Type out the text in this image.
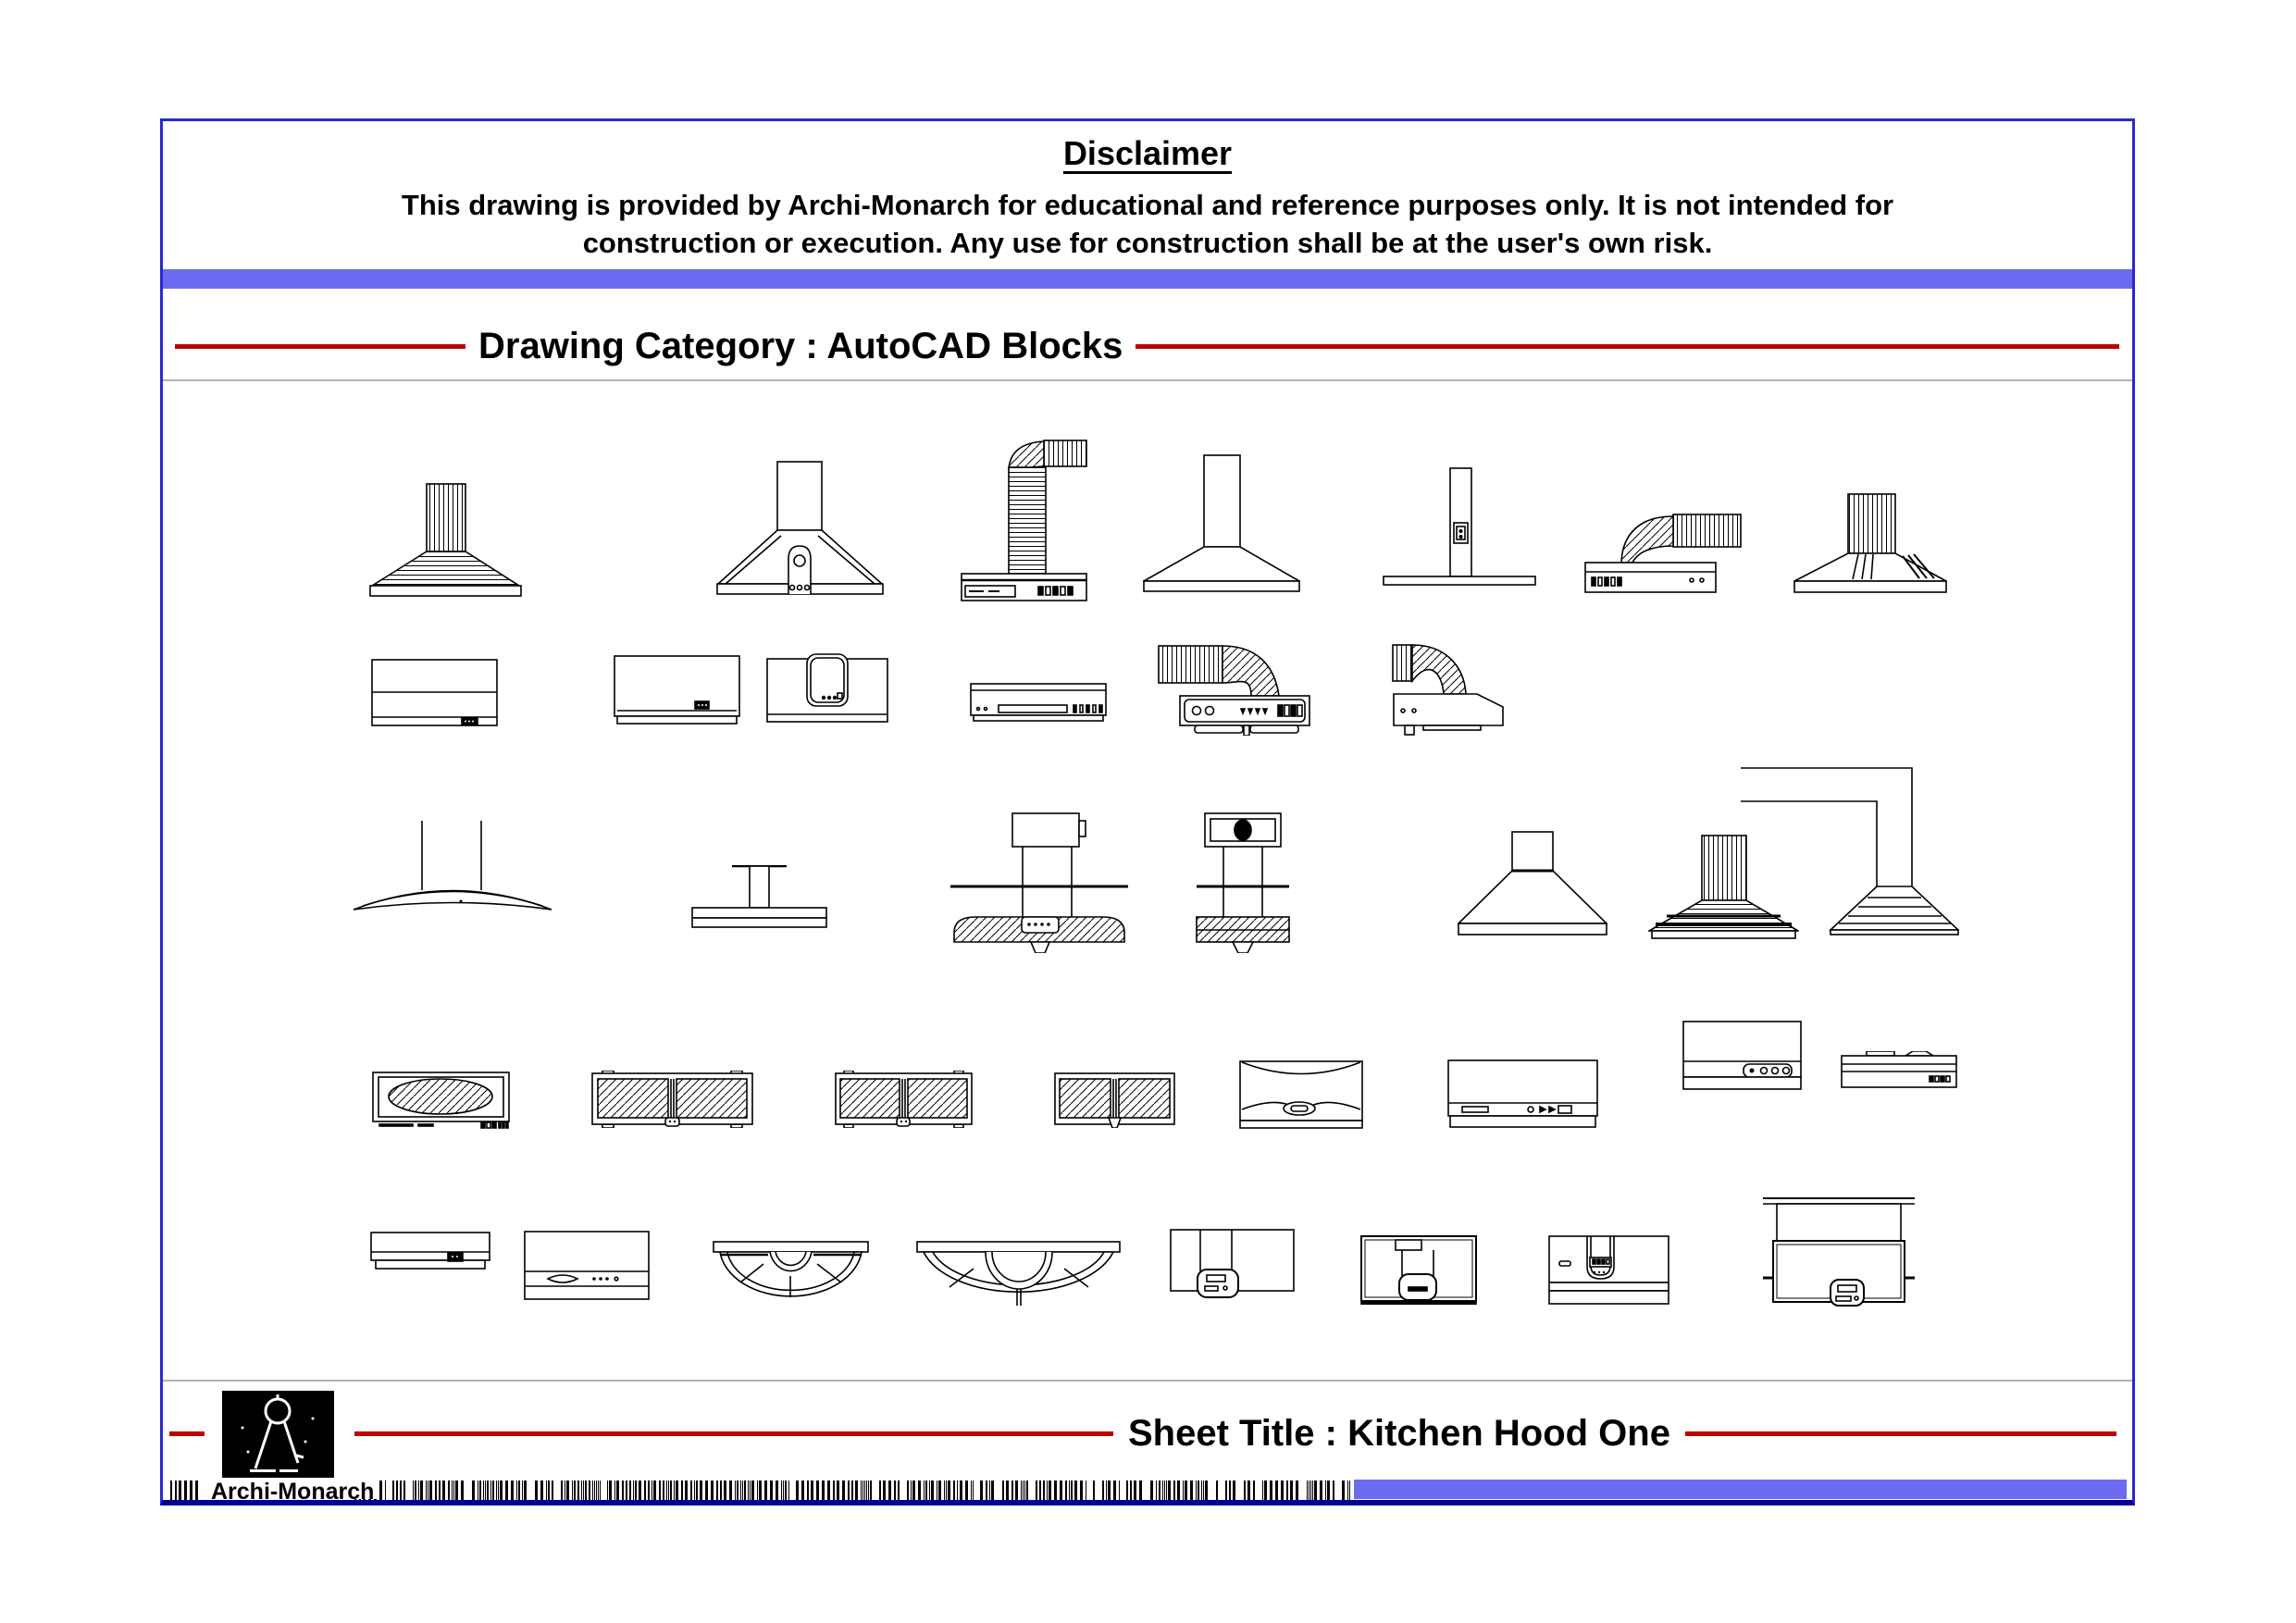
Disclaimer
This drawing is provided by Archi-Monarch for educational and reference purposes only. It is not intended for
construction or execution. Any use for construction shall be at the user's own risk.
Drawing Category : AutoCAD Blocks
Sheet Title : Kitchen Hood One
Archi-Monarch
